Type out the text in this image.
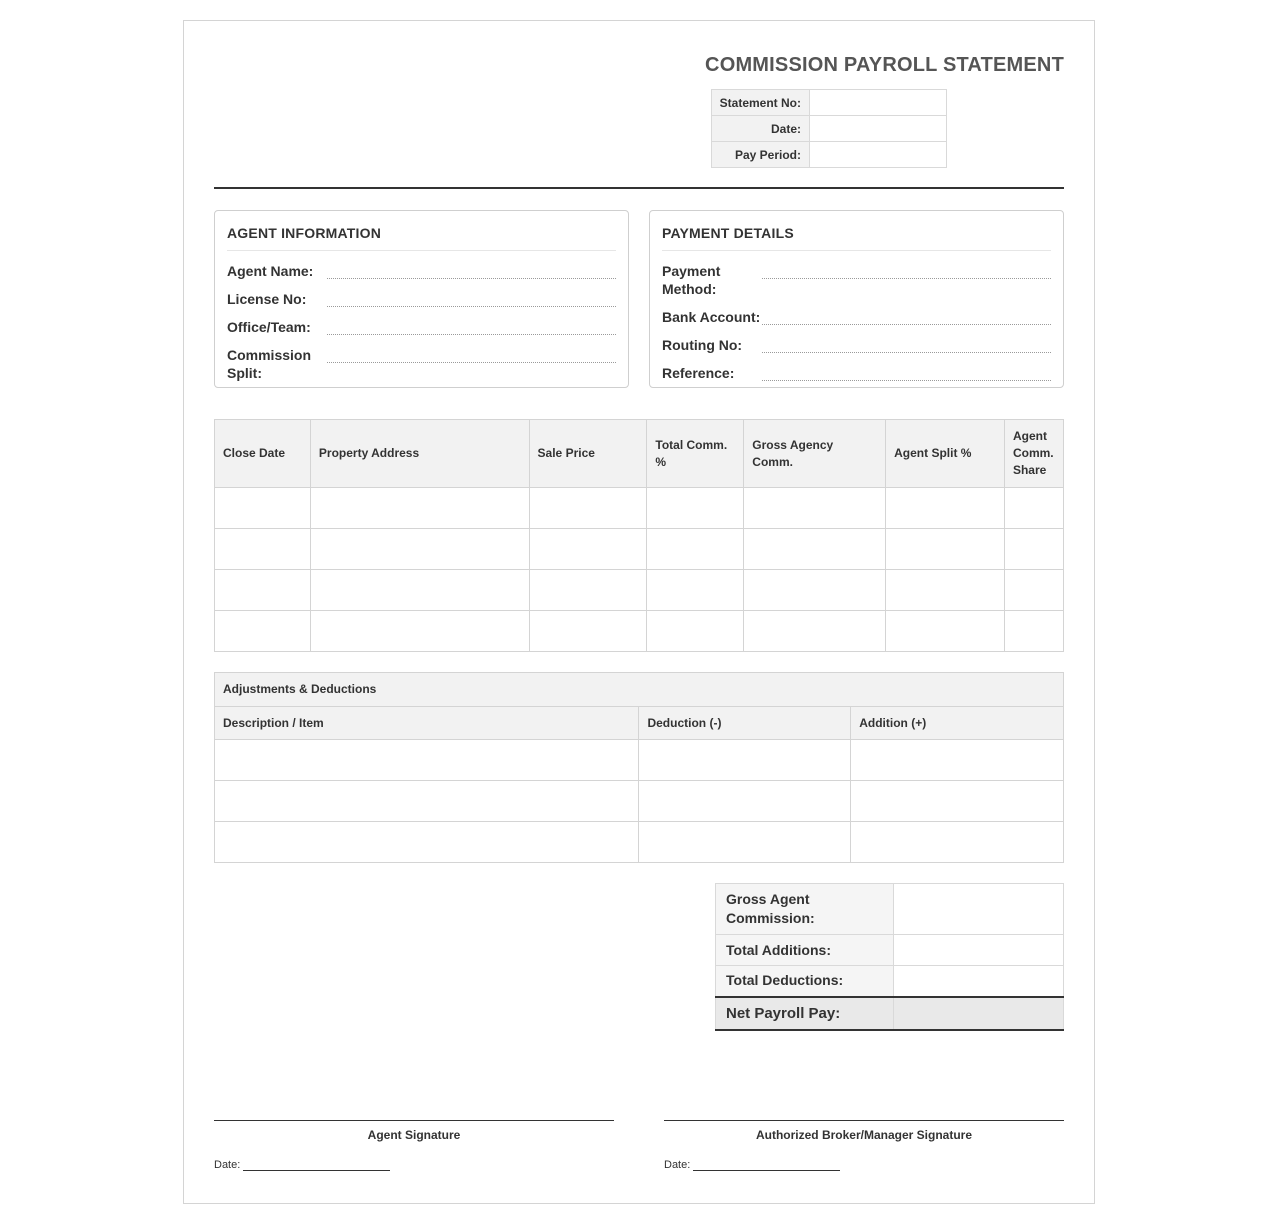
COMMISSION PAYROLL STATEMENT
Statement No:	
Date:	
Pay Period:	
AGENT INFORMATION
Agent Name:
License No:
Office/Team:
Commission Split:
PAYMENT DETAILS
Payment Method:
Bank Account:
Routing No:
Reference:
Close Date	Property Address	Sale Price	Total Comm. %	Gross Agency Comm.	Agent Split %	Agent Comm. Share

Adjustments & Deductions		
Description / Item	Deduction (-)	Addition (+)

Gross Agent Commission:	
Total Additions:	
Total Deductions:	
Net Payroll Pay:	
Agent Signature
Date:
Authorized Broker/Manager Signature
Date:
